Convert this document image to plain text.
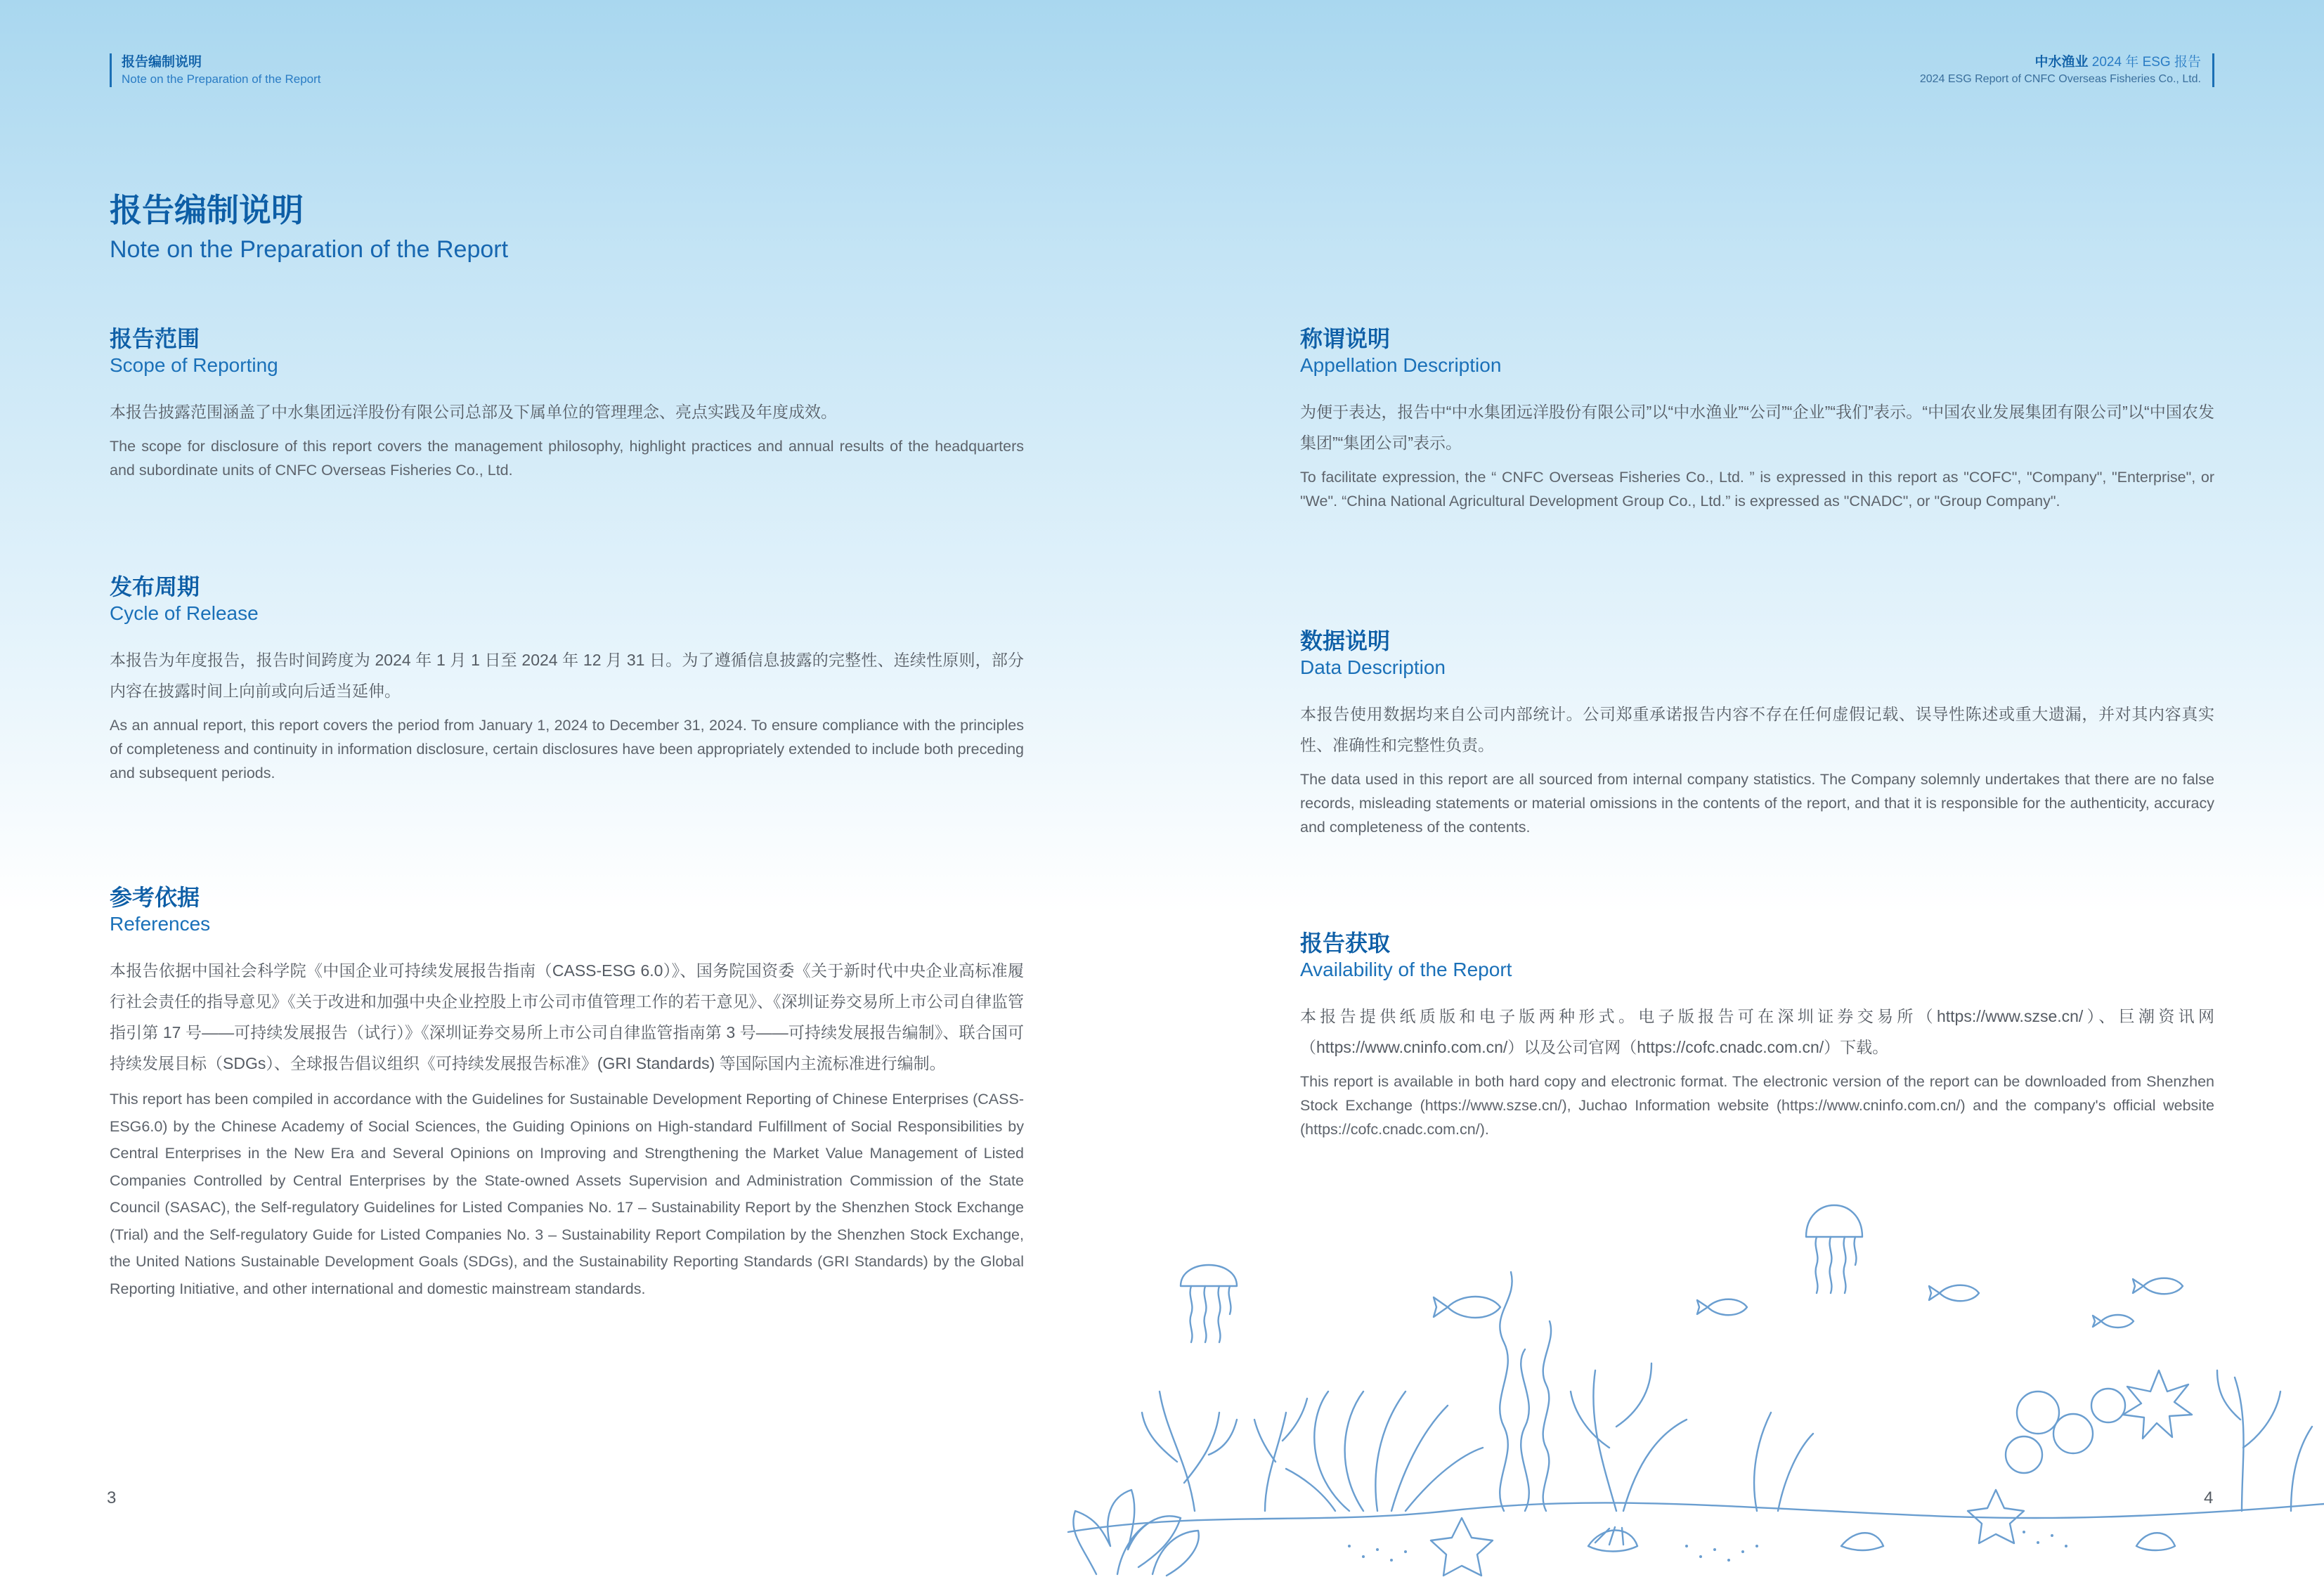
报告编制说明
Note on the Preparation of the Report
中水渔业 2024 年 ESG 报告
2024 ESG Report of CNFC Overseas Fisheries Co., Ltd.
报告编制说明
Note on the Preparation of the Report
报告范围
Scope of Reporting
本报告披露范围涵盖了中水集团远洋股份有限公司总部及下属单位的管理理念、亮点实践及年度成效。
The scope for disclosure of this report covers the management philosophy, highlight practices and annual results of the headquarters and subordinate units of CNFC Overseas Fisheries Co., Ltd.
发布周期
Cycle of Release
本报告为年度报告，报告时间跨度为 2024 年 1 月 1 日至 2024 年 12 月 31 日。为了遵循信息披露的完整性、连续性原则，部分内容在披露时间上向前或向后适当延伸。
As an annual report, this report covers the period from January 1, 2024 to December 31, 2024. To ensure compliance with the principles of completeness and continuity in information disclosure, certain disclosures have been appropriately extended to include both preceding and subsequent periods.
参考依据
References
本报告依据中国社会科学院《中国企业可持续发展报告指南（CASS-ESG 6.0）》、国务院国资委《关于新时代中央企业高标准履行社会责任的指导意见》《关于改进和加强中央企业控股上市公司市值管理工作的若干意见》、《深圳证券交易所上市公司自律监管指引第 17 号——可持续发展报告（试行）》《深圳证券交易所上市公司自律监管指南第 3 号——可持续发展报告编制》、联合国可持续发展目标（SDGs）、全球报告倡议组织《可持续发展报告标准》(GRI Standards) 等国际国内主流标准进行编制。
This report has been compiled in accordance with the Guidelines for Sustainable Development Reporting of Chinese Enterprises (CASS-ESG6.0) by the Chinese Academy of Social Sciences, the Guiding Opinions on High-standard Fulfillment of Social Responsibilities by Central Enterprises in the New Era and Several Opinions on Improving and Strengthening the Market Value Management of Listed Companies Controlled by Central Enterprises by the State-owned Assets Supervision and Administration Commission of the State Council (SASAC), the Self-regulatory Guidelines for Listed Companies No. 17 – Sustainability Report by the Shenzhen Stock Exchange (Trial) and the Self-regulatory Guide for Listed Companies No. 3 – Sustainability Report Compilation by the Shenzhen Stock Exchange, the United Nations Sustainable Development Goals (SDGs), and the Sustainability Reporting Standards (GRI Standards) by the Global Reporting Initiative, and other international and domestic mainstream standards.
称谓说明
Appellation Description
为便于表达，报告中“中水集团远洋股份有限公司”以“中水渔业”“公司”“企业”“我们”表示。“中国农业发展集团有限公司”以“中国农发集团”“集团公司”表示。
To facilitate expression, the “ CNFC Overseas Fisheries Co., Ltd. ” is expressed in this report as "COFC", "Company", "Enterprise", or "We". “China National Agricultural Development Group Co., Ltd.” is expressed as "CNADC", or "Group Company".
数据说明
Data Description
本报告使用数据均来自公司内部统计。公司郑重承诺报告内容不存在任何虚假记载、误导性陈述或重大遗漏，并对其内容真实性、准确性和完整性负责。
The data used in this report are all sourced from internal company statistics. The Company solemnly undertakes that there are no false records, misleading statements or material omissions in the contents of the report, and that it is responsible for the authenticity, accuracy and completeness of the contents.
报告获取
Availability of the Report
本报告提供纸质版和电子版两种形式。电子版报告可在深圳证券交易所（https://www.szse.cn/）、巨潮资讯网（https://www.cninfo.com.cn/）以及公司官网（https://cofc.cnadc.com.cn/）下载。
This report is available in both hard copy and electronic format. The electronic version of the report can be downloaded from Shenzhen Stock Exchange (https://www.szse.cn/), Juchao Information website (https://www.cninfo.com.cn/) and the company's official website (https://cofc.cnadc.com.cn/).
3	4
